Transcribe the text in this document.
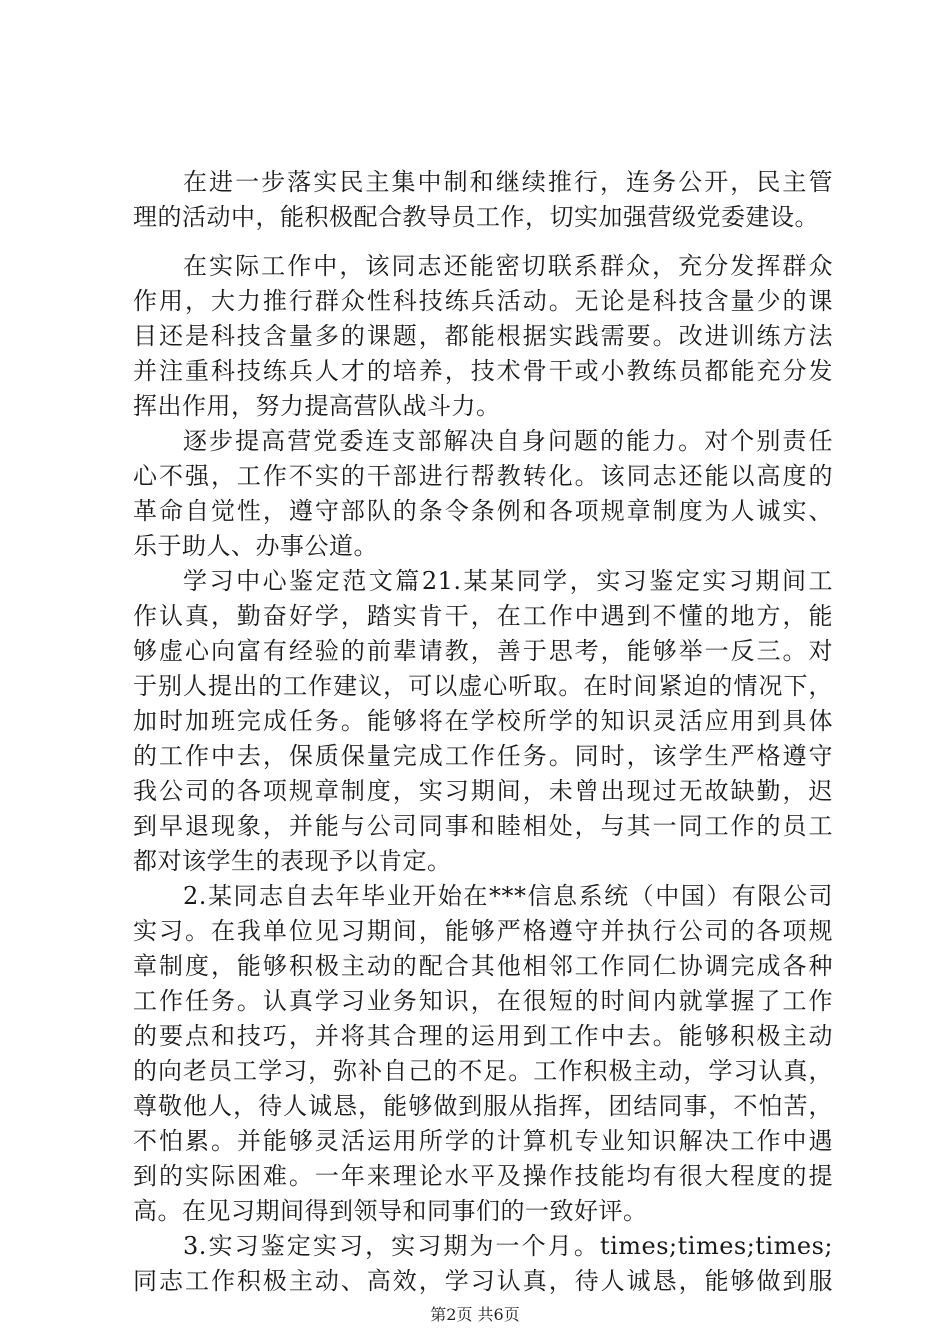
在进一步落实民主集中制和继续推行，连务公开，民主管
理的活动中，能积极配合教导员工作，切实加强营级党委建设。
在实际工作中，该同志还能密切联系群众，充分发挥群众
作用，大力推行群众性科技练兵活动。无论是科技含量少的课
目还是科技含量多的课题，都能根据实践需要。改进训练方法
并注重科技练兵人才的培养，技术骨干或小教练员都能充分发
挥出作用，努力提高营队战斗力。
逐步提高营党委连支部解决自身问题的能力。对个别责任
心不强，工作不实的干部进行帮教转化。该同志还能以高度的
革命自觉性，遵守部队的条令条例和各项规章制度为人诚实、
乐于助人、办事公道。
学习中心鉴定范文篇21.某某同学，实习鉴定实习期间工
作认真，勤奋好学，踏实肯干，在工作中遇到不懂的地方，能
够虚心向富有经验的前辈请教，善于思考，能够举一反三。对
于别人提出的工作建议，可以虚心听取。在时间紧迫的情况下，
加时加班完成任务。能够将在学校所学的知识灵活应用到具体
的工作中去，保质保量完成工作任务。同时，该学生严格遵守
我公司的各项规章制度，实习期间，未曾出现过无故缺勤，迟
到早退现象，并能与公司同事和睦相处，与其一同工作的员工
都对该学生的表现予以肯定。
2.某同志自去年毕业开始在***信息系统（中国）有限公司
实习。在我单位见习期间，能够严格遵守并执行公司的各项规
章制度，能够积极主动的配合其他相邻工作同仁协调完成各种
工作任务。认真学习业务知识，在很短的时间内就掌握了工作
的要点和技巧，并将其合理的运用到工作中去。能够积极主动
的向老员工学习，弥补自己的不足。工作积极主动，学习认真，
尊敬他人，待人诚恳，能够做到服从指挥，团结同事，不怕苦，
不怕累。并能够灵活运用所学的计算机专业知识解决工作中遇
到的实际困难。一年来理论水平及操作技能均有很大程度的提
高。在见习期间得到领导和同事们的一致好评。
3.实习鉴定实习，实习期为一个月。times;times;times;
同志工作积极主动、高效，学习认真，待人诚恳，能够做到服
第2页 共6页
